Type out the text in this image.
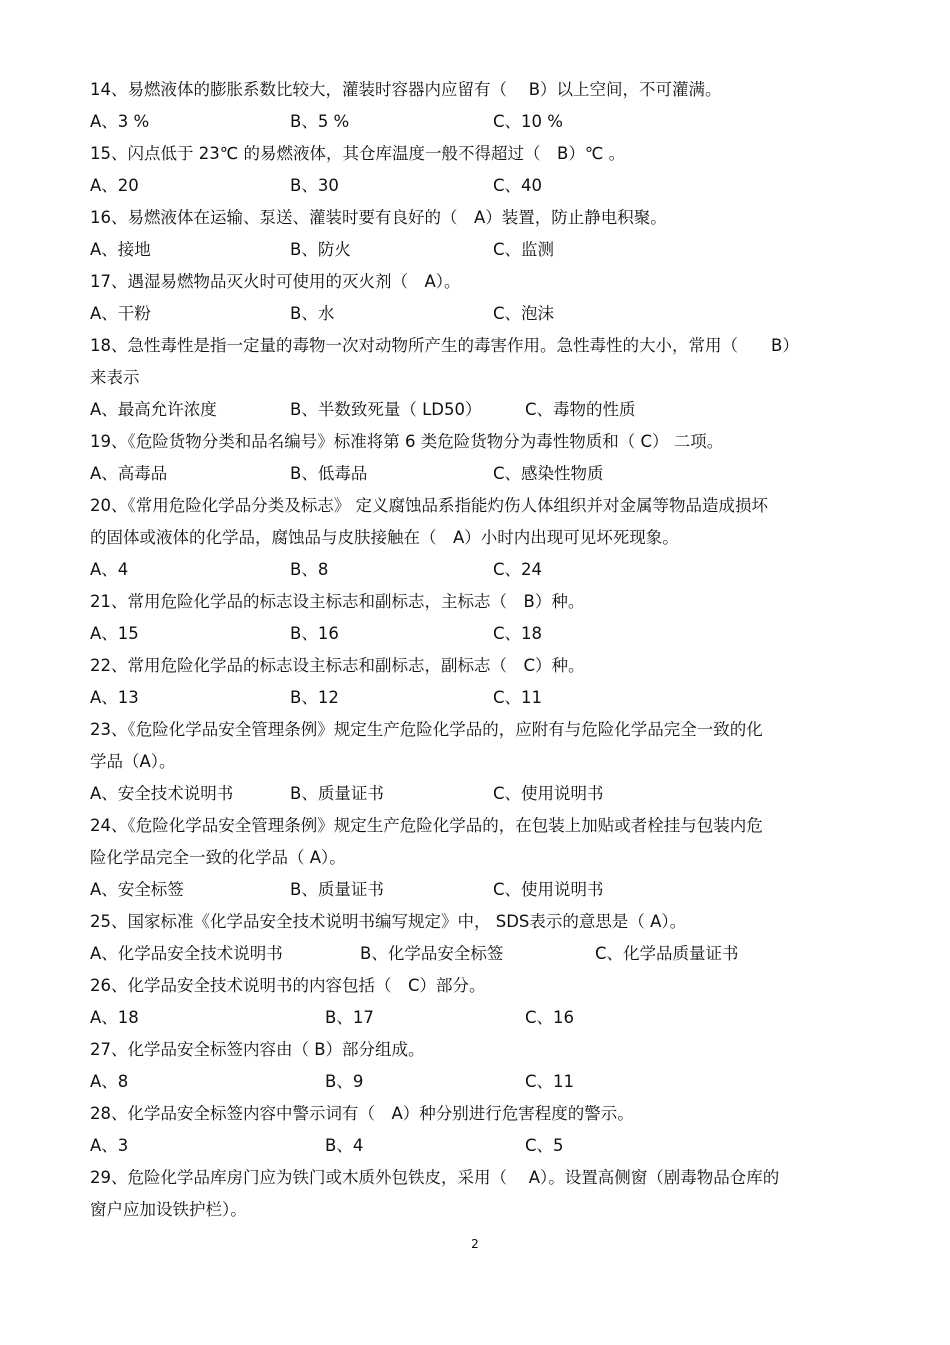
14、易燃液体的膨胀系数比较大，灌装时容器内应留有（　 B）以上空间，不可灌满。
A、3 %	B、5 %	C、10 %
15、闪点低于 23℃ 的易燃液体，其仓库温度一般不得超过（　B）℃ 。
A、20	B、30	C、40
16、易燃液体在运输、泵送、灌装时要有良好的（　A）装置，防止静电积聚。
A、接地	B、防火	C、监测
17、遇湿易燃物品灭火时可使用的灭火剂（　A）。
A、干粉	B、水	C、泡沫
18、急性毒性是指一定量的毒物一次对动物所产生的毒害作用。急性毒性的大小，常用（　　B）
来表示
A、最高允许浓度	B、半数致死量（ LD50）	C、毒物的性质
19、《危险货物分类和品名编号》标准将第 6 类危险货物分为毒性物质和（ C） 二项。
A、高毒品	B、低毒品	C、感染性物质
20、《常用危险化学品分类及标志》 定义腐蚀品系指能灼伤人体组织并对金属等物品造成损坏
的固体或液体的化学品，腐蚀品与皮肤接触在（　A）小时内出现可见坏死现象。
A、4	B、8	C、24
21、常用危险化学品的标志设主标志和副标志，主标志（　B）种。
A、15	B、16	C、18
22、常用危险化学品的标志设主标志和副标志，副标志（　C）种。
A、13	B、12	C、11
23、《危险化学品安全管理条例》规定生产危险化学品的，应附有与危险化学品完全一致的化
学品（A）。
A、安全技术说明书	B、质量证书	C、使用说明书
24、《危险化学品安全管理条例》规定生产危险化学品的，在包装上加贴或者栓挂与包装内危
险化学品完全一致的化学品（ A）。
A、安全标签	B、质量证书	C、使用说明书
25、国家标准《化学品安全技术说明书编写规定》中， SDS表示的意思是（ A）。
A、化学品安全技术说明书	B、化学品安全标签	C、化学品质量证书
26、化学品安全技术说明书的内容包括（　C）部分。
A、18	B、17	C、16
27、化学品安全标签内容由（ B）部分组成。
A、8	B、9	C、11
28、化学品安全标签内容中警示词有（　A）种分别进行危害程度的警示。
A、3	B、4	C、5
29、危险化学品库房门应为铁门或木质外包铁皮，采用（　 A）。设置高侧窗（剧毒物品仓库的
窗户应加设铁护栏）。
2
